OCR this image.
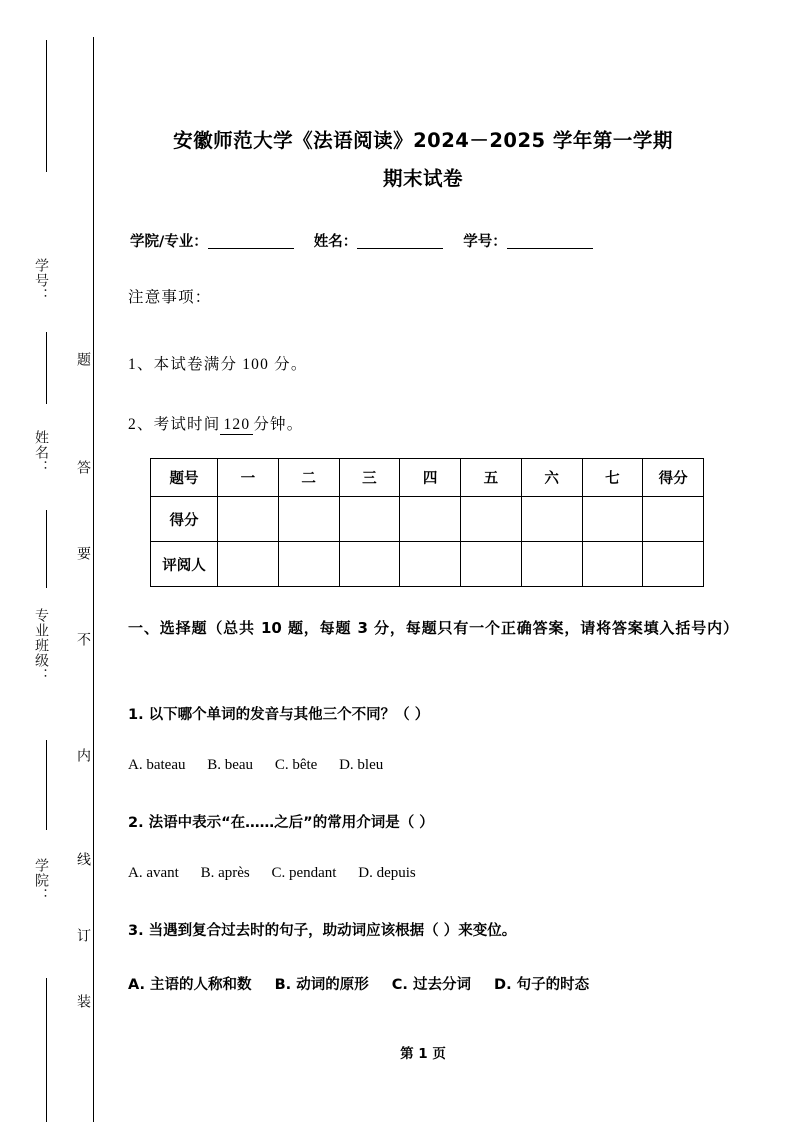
学号：
姓名：
专业班级：
学院：
题
答
要
不
内
线
订
装
安徽师范大学《法语阅读》2024－2025 学年第一学期
期末试卷
学院/专业：	姓名：	学号：
注意事项：
1、本试卷满分 100 分。
2、考试时间 120 分钟。
题号	一	二	三	四	五	六	七	得分
得分								
评阅人								
一、选择题（总共 10 题，每题 3 分，每题只有一个正确答案，请将答案填入括号内）
1. 以下哪个单词的发音与其他三个不同？（ ）
A. bateau B. beau C. bête D. bleu
2. 法语中表示“在……之后”的常用介词是（ ）
A. avant B. après C. pendant D. depuis
3. 当遇到复合过去时的句子，助动词应该根据（ ）来变位。
A. 主语的人称和数 B. 动词的原形 C. 过去分词 D. 句子的时态
第 1 页
